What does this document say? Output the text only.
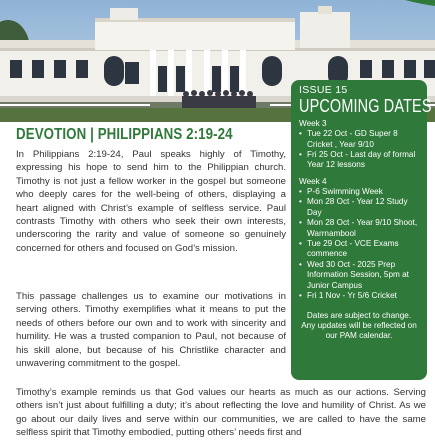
DEVOTION | PHILIPPIANS 2:19-24

In Philippians 2:19-24, Paul speaks highly of Timothy, expressing his hope to send him to the Philippian church. Timothy is not just a fellow worker in the gospel but someone who deeply cares for the well-being of others, displaying a heart aligned with Christ’s example of selfless service. Paul contrasts Timothy with others who seek their own interests, underscoring the rarity and value of someone so genuinely concerned for others and focused on God’s mission.

This passage challenges us to examine our motivations in serving others. Timothy exemplifies what it means to put the needs of others before our own and to work with sincerity and humility. He was a trusted companion to Paul, not because of his skill alone, but because of his Christlike character and unwavering commitment to the gospel.

Timothy’s example reminds us that God values our hearts as much as our actions. Serving others isn’t just about fulfilling a duty; it’s about reflecting the love and humility of Christ. As we go about our daily lives and serve within our communities, we are called to have the same selfless spirit that Timothy embodied, putting others’ needs first and

ISSUE 15
UPCOMING DATES
Week 3
• Tue 22 Oct - GD Super 8 Cricket , Year 9/10
• Fri 25 Oct - Last day of formal Year 12 lessons
Week 4
• P-6 Swimming Week
• Mon 28 Oct - Year 12 Study Day
• Mon 28 Oct - Year 9/10 Shoot, Warrnambool
• Tue 29 Oct - VCE Exams commence
• Wed 30 Oct - 2025 Prep Information Session, 5pm at Junior Campus
• Fri 1 Nov - Yr 5/6 Cricket
Dates are subject to change. Any updates will be reflected on our PAM calendar.
